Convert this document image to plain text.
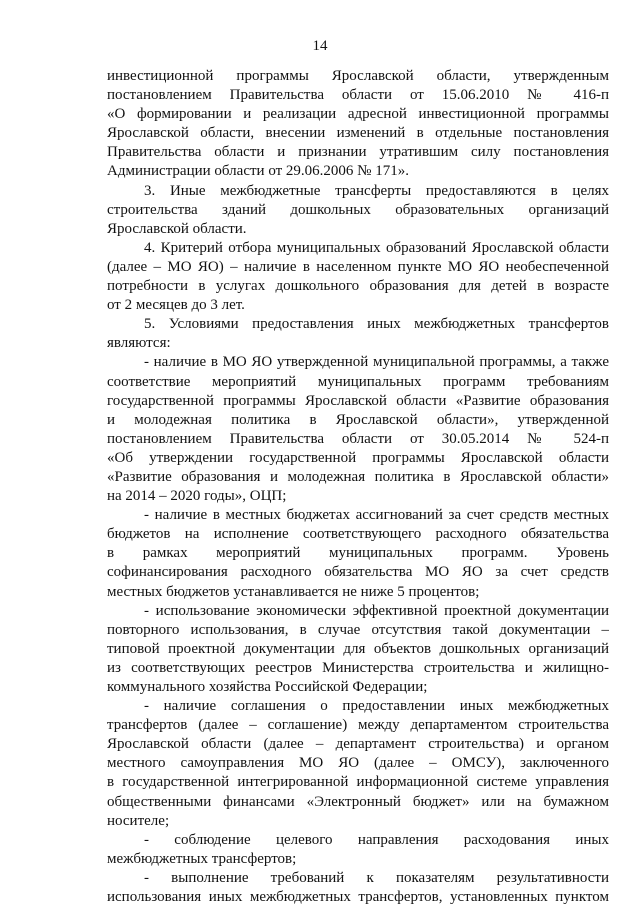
14
инвестиционной программы Ярославской области, утвержденным
постановлением Правительства области от 15.06.2010 № 416-п
«О формировании и реализации адресной инвестиционной программы
Ярославской области, внесении изменений в отдельные постановления
Правительства области и признании утратившим силу постановления
Администрации области от 29.06.2006 № 171».
3. Иные межбюджетные трансферты предоставляются в целях
строительства зданий дошкольных образовательных организаций
Ярославской области.
4. Критерий отбора муниципальных образований Ярославской области
(далее – МО ЯО) – наличие в населенном пункте МО ЯО необеспеченной
потребности в услугах дошкольного образования для детей в возрасте
от 2 месяцев до 3 лет.
5. Условиями предоставления иных межбюджетных трансфертов
являются:
- наличие в МО ЯО утвержденной муниципальной программы, а также
соответствие мероприятий муниципальных программ требованиям
государственной программы Ярославской области «Развитие образования
и молодежная политика в Ярославской области», утвержденной
постановлением Правительства области от 30.05.2014 № 524-п
«Об утверждении государственной программы Ярославской области
«Развитие образования и молодежная политика в Ярославской области»
на 2014 – 2020 годы», ОЦП;
- наличие в местных бюджетах ассигнований за счет средств местных
бюджетов на исполнение соответствующего расходного обязательства
в рамках мероприятий муниципальных программ. Уровень
софинансирования расходного обязательства МО ЯО за счет средств
местных бюджетов устанавливается не ниже 5 процентов;
- использование экономически эффективной проектной документации
повторного использования, в случае отсутствия такой документации –
типовой проектной документации для объектов дошкольных организаций
из соответствующих реестров Министерства строительства и жилищно-
коммунального хозяйства Российской Федерации;
- наличие соглашения о предоставлении иных межбюджетных
трансфертов (далее – соглашение) между департаментом строительства
Ярославской области (далее – департамент строительства) и органом
местного самоуправления МО ЯО (далее – ОМСУ), заключенного
в государственной интегрированной информационной системе управления
общественными финансами «Электронный бюджет» или на бумажном
носителе;
- соблюдение целевого направления расходования иных
межбюджетных трансфертов;
- выполнение требований к показателям результативности
использования иных межбюджетных трансфертов, установленных пунктом
